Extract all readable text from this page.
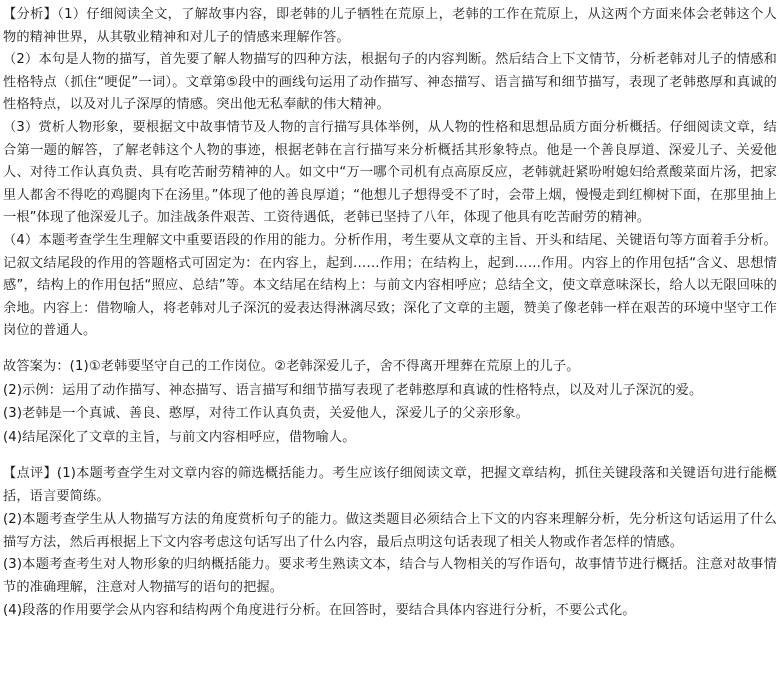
【分析】（1）仔细阅读全文，了解故事内容，即老韩的儿子牺牲在荒原上，老韩的工作在荒原上，从这两个方面来体会老韩这个人物的精神世界，从其敬业精神和对儿子的情感来理解作答。

（2）本句是人物的描写，首先要了解人物描写的四种方法，根据句子的内容判断。然后结合上下文情节，分析老韩对儿子的情感和性格特点（抓住“哽促”一词）。文章第⑤段中的画线句运用了动作描写、神态描写、语言描写和细节描写，表现了老韩憨厚和真诚的性格特点，以及对儿子深厚的情感。突出他无私奉献的伟大精神。

（3）赏析人物形象，要根据文中故事情节及人物的言行描写具体举例，从人物的性格和思想品质方面分析概括。仔细阅读文章，结合第一题的解答，了解老韩这个人物的事迹，根据老韩在言行描写来分析概括其形象特点。他是一个善良厚道、深爱儿子、关爱他人、对待工作认真负责、具有吃苦耐劳精神的人。如文中“万一哪个司机有点高原反应，老韩就赶紧吩咐媳妇给煮酸菜面片汤，把家里人都舍不得吃的鸡腿肉下在汤里。”体现了他的善良厚道；“他想儿子想得受不了时，会带上烟，慢慢走到红柳树下面，在那里抽上一根”体现了他深爱儿子。加洼战条件艰苦、工资待遇低，老韩已坚持了八年，体现了他具有吃苦耐劳的精神。

（4）本题考查学生生理解文中重要语段的作用的能力。分析作用，考生要从文章的主旨、开头和结尾、关键语句等方面着手分析。记叙文结尾段的作用的答题格式可固定为：在内容上，起到……作用；在结构上，起到……作用。内容上的作用包括“含义、思想情感”，结构上的作用包括“照应、总结”等。本文结尾在结构上：与前文内容相呼应；总结全文，使文章意味深长，给人以无限回味的余地。内容上：借物喻人，将老韩对儿子深沉的爱表达得淋漓尽致；深化了文章的主题，赞美了像老韩一样在艰苦的环境中坚守工作岗位的普通人。

故答案为：(1)①老韩要坚守自己的工作岗位。②老韩深爱儿子，舍不得离开埋葬在荒原上的儿子。

(2)示例：运用了动作描写、神态描写、语言描写和细节描写表现了老韩憨厚和真诚的性格特点，以及对儿子深沉的爱。

(3)老韩是一个真诚、善良、憨厚，对待工作认真负责，关爱他人，深爱儿子的父亲形象。

(4)结尾深化了文章的主旨，与前文内容相呼应，借物喻人。

【点评】(1)本题考查学生对文章内容的筛选概括能力。考生应该仔细阅读文章，把握文章结构，抓住关键段落和关键语句进行能概括，语言要简练。

(2)本题考查学生从人物描写方法的角度赏析句子的能力。做这类题目必须结合上下文的内容来理解分析，先分析这句话运用了什么描写方法，然后再根据上下文内容考虑这句话写出了什么内容，最后点明这句话表现了相关人物或作者怎样的情感。

(3)本题考查考生对人物形象的归纳概括能力。要求考生熟读文本，结合与人物相关的写作语句，故事情节进行概括。注意对故事情节的准确理解，注意对人物描写的语句的把握。

(4)段落的作用要学会从内容和结构两个角度进行分析。在回答时，要结合具体内容进行分析，不要公式化。
